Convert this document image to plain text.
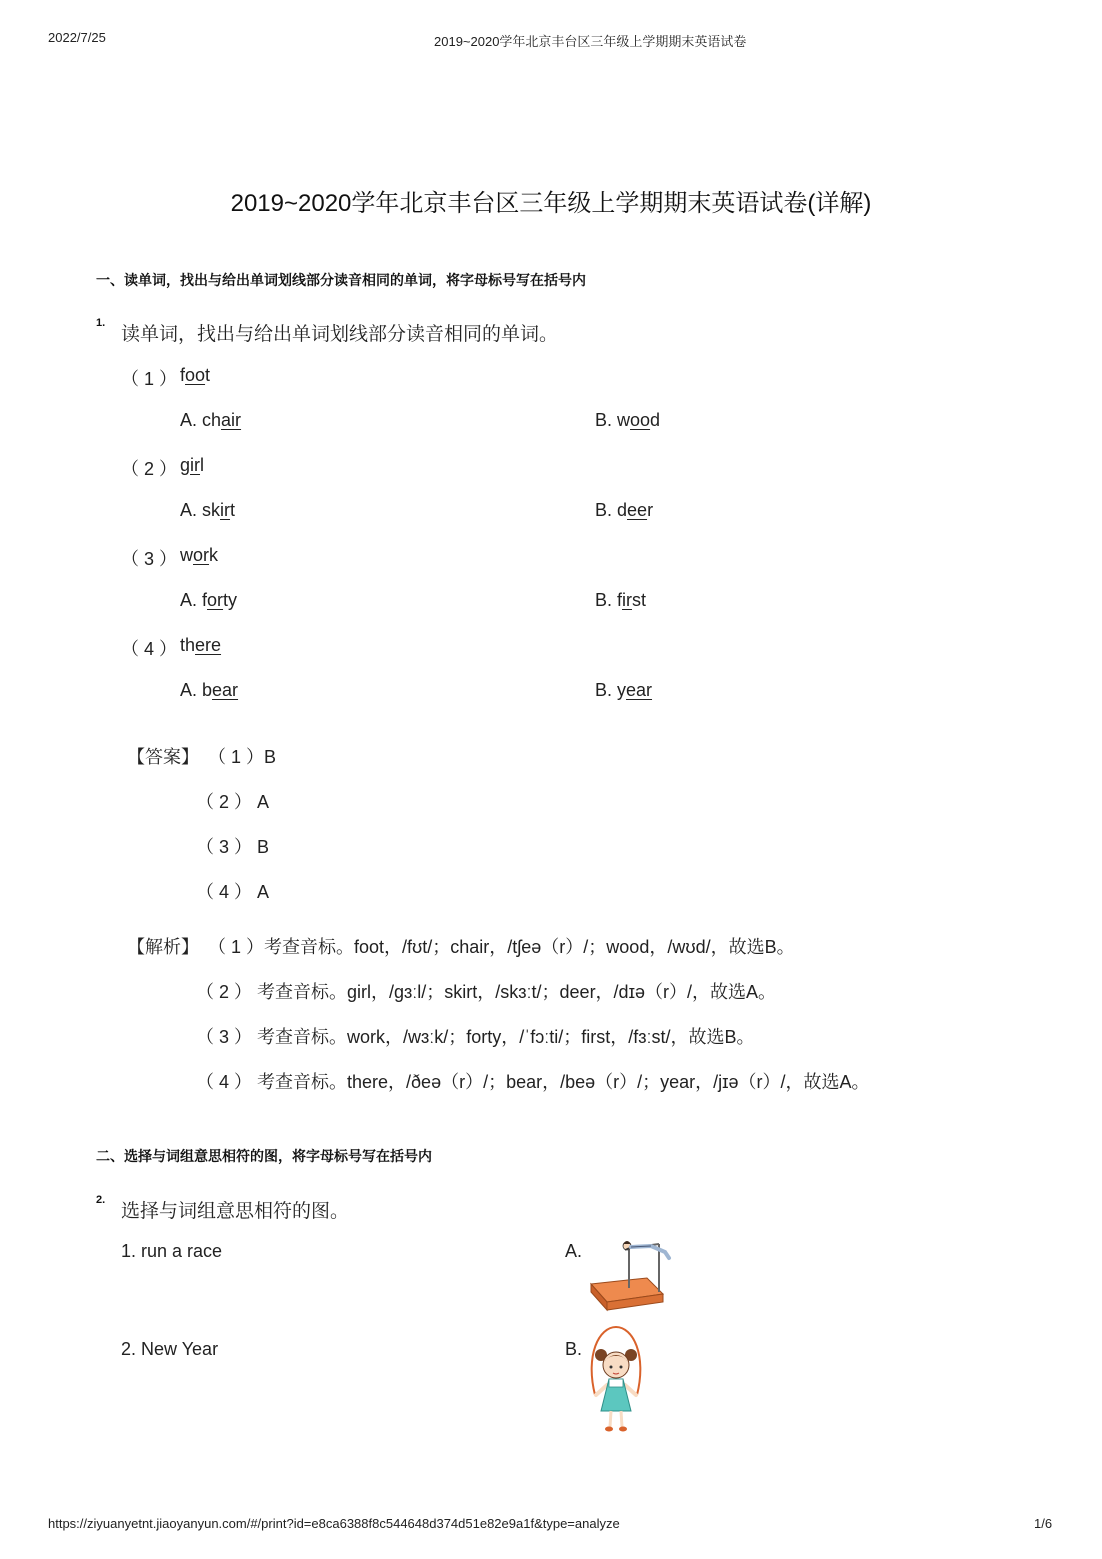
2022/7/25	2019~2020学年北京丰台区三年级上学期期末英语试卷
2019~2020学年北京丰台区三年级上学期期末英语试卷(详解)
一、读单词，找出与给出单词划线部分读音相同的单词，将字母标号写在括号内
1.
读单词，找出与给出单词划线部分读音相同的单词。
（ 1 ） foot
A. chair	B. wood
（ 2 ） girl
A. skirt	B. deer
（ 3 ） work
A. forty	B. first
（ 4 ） there
A. bear	B. year
【答案】 （ 1 ）B
（ 2 ） A
（ 3 ） B
（ 4 ） A
【解析】 （ 1 ）考查音标。foot，/fʊt/；chair，/tʃeə（r）/；wood，/wʊd/，故选B。
（ 2 ） 考查音标。girl，/gɜːl/；skirt，/skɜːt/；deer，/dɪə（r）/，故选A。
（ 3 ） 考查音标。work，/wɜːk/；forty，/ˈfɔːti/；first，/fɜːst/，故选B。
（ 4 ） 考查音标。there，/ðeə（r）/；bear，/beə（r）/；year，/jɪə（r）/，故选A。
二、选择与词组意思相符的图，将字母标号写在括号内
2.
选择与词组意思相符的图。
1. run a race	A.
2. New Year	B.
https://ziyuanyetnt.jiaoyanyun.com/#/print?id=e8ca6388f8c544648d374d51e82e9a1f&type=analyze	1/6
